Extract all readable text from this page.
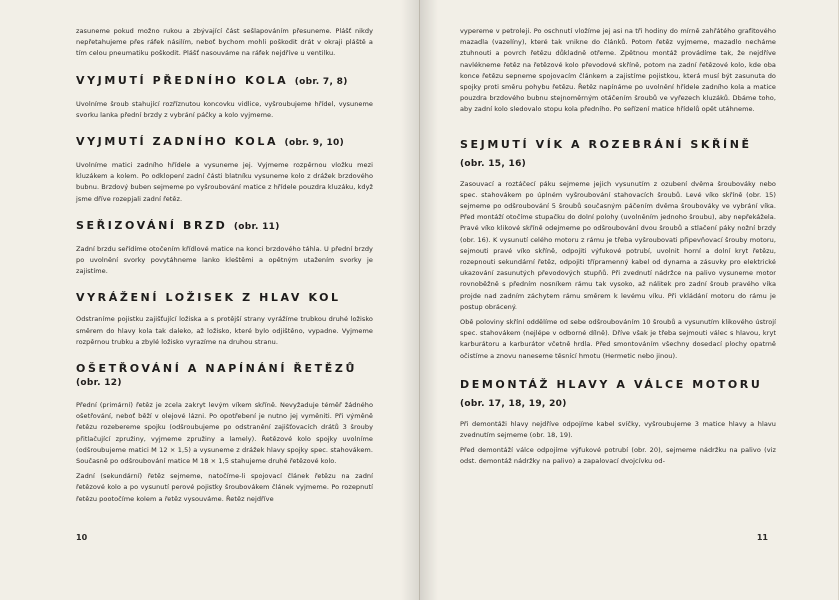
zasuneme pokud možno rukou a zbývající část sešlapováním přesuneme. Plášť nikdy nepřetahujeme přes ráfek násilím, neboť bychom mohli poškodit drát v okraji pláště a tím celou pneumatiku poškodit. Plášť nasouváme na ráfek nejdříve u ventilku.

VYJMUTÍ PŘEDNÍHO KOLA (obr. 7, 8)

Uvolníme šroub stahující rozříznutou koncovku vidlice, vyšroubujeme hřídel, vysuneme svorku lanka přední brzdy z vybrání páčky a kolo vyjmeme.

VYJMUTÍ ZADNÍHO KOLA (obr. 9, 10)

Uvolníme matici zadního hřídele a vysuneme jej. Vyjmeme rozpěrnou vložku mezi kluzákem a kolem. Po odklopení zadní části blatníku vysuneme kolo z drážek brzdového bubnu. Brzdový buben sejmeme po vyšroubování matice z hřídele pouzdra kluzáku, když jsme dříve rozepjali zadní řetěz.

SEŘIZOVÁNÍ BRZD (obr. 11)

Zadní brzdu seřídíme otočením křídlové matice na konci brzdového táhla. U přední brzdy po uvolnění svorky povytáhneme lanko kleštěmi a opětným utažením svorky je zajistíme.

VYRÁŽENÍ LOŽISEK Z HLAV KOL

Odstraníme pojistku zajišťující ložiska a s protější strany vyrážíme trubkou druhé ložisko směrem do hlavy kola tak daleko, až ložisko, které bylo odjištěno, vypadne. Vyjmeme rozpěrnou trubku a zbylé ložisko vyrazíme na druhou stranu.

OŠETŘOVÁNÍ A NAPÍNÁNÍ ŘETĚZŮ (obr. 12)

Přední (primární) řetěz je zcela zakryt levým víkem skříně. Nevyžaduje téměř žádného ošetřování, neboť běží v olejové lázni. Po opotřebení je nutno jej vyměniti. Při výměně řetězu rozebereme spojku (odšroubujeme po odstranění zajišťovacích drátů 3 šrouby přitlačující zpružiny, vyjmeme zpružiny a lamely). Řetězové kolo spojky uvolníme (odšroubujeme matici M 12 × 1,5) a vysuneme z drážek hlavy spojky spec. stahovákem. Současně po odšroubování matice M 18 × 1,5 stahujeme druhé řetězové kolo.

Zadní (sekundární) řetěz sejmeme, natočíme-li spojovací článek řetězu na zadní řetězové kolo a po vysunutí perové pojistky šroubovákem článek vyjmeme. Po rozepnutí řetězu pootočíme kolem a řetěz vysouváme. Řetěz nejdříve

10

vypereme v petroleji. Po oschnutí vložíme jej asi na tři hodiny do mírně zahřátého grafitového mazadla (vazelíny), které tak vnikne do článků. Potom řetěz vyjmeme, mazadlo necháme ztuhnouti a povrch řetězu důkladně otřeme. Zpětnou montáž provádíme tak, že nejdříve navlékneme řetěz na řetězové kolo převodové skříně, potom na zadní řetězové kolo, kde oba konce řetězu sepneme spojovacím článkem a zajistíme pojistkou, která musí být zasunuta do spojky proti směru pohybu řetězu. Řetěz napínáme po uvolnění hřídele zadního kola a matice pouzdra brzdového bubnu stejnoměrným otáčením šroubů ve vyřezech kluzáků. Dbáme toho, aby zadní kolo sledovalo stopu kola předního. Po seřízení matice hřídelů opět utáhneme.

SEJMUTÍ VÍK A ROZEBRÁNÍ SKŘÍNĚ
(obr. 15, 16)

Zasouvací a roztáčecí páku sejmeme jejich vysunutím z ozubení dvěma šroubováky nebo spec. stahovákem po úplném vyšroubování stahovacích šroubů. Levé víko skříně (obr. 15) sejmeme po odšroubování 5 šroubů současným páčením dvěma šroubováky ve vybrání víka. Před montáží otočíme stupačku do dolní polohy (uvolněním jednoho šroubu), aby nepřekážela. Pravé víko klikové skříně odejmeme po odšroubování dvou šroubů a stlačení páky nožní brzdy (obr. 16). K vysunutí celého motoru z rámu je třeba vyšroubovati připevňovací šrouby motoru, sejmouti pravé víko skříně, odpojiti výfukové potrubí, uvolnit horní a dolní kryt řetězu, rozepnouti sekundární řetěz, odpojiti třípramenný kabel od dynama a zásuvky pro elektrické ukazování zasunutých převodových stupňů. Při zvednutí nádržce na palivo vysuneme motor rovnoběžně s předním nosníkem rámu tak vysoko, až nálitek pro zadní šroub pravého víka projde nad zadním záchytem rámu směrem k levému víku. Při vkládání motoru do rámu je postup obrácený.

Obě poloviny skříní oddělíme od sebe odšroubováním 10 šroubů a vysunutím klikového ústrojí spec. stahovákem (nejlépe v odborné dílně). Dříve však je třeba sejmouti válec s hlavou, kryt karburátoru a karburátor včetně hrdla. Před smontováním všechny dosedací plochy opatrně očistíme a znovu naneseme těsnící hmotu (Hermetic nebo jinou).

DEMONTÁŽ HLAVY A VÁLCE MOTORU
(obr. 17, 18, 19, 20)

Při demontáži hlavy nejdříve odpojíme kabel svíčky, vyšroubujeme 3 matice hlavy a hlavu zvednutím sejmeme (obr. 18, 19).

Před demontáží válce odpojíme výfukové potrubí (obr. 20), sejmeme nádržku na palivo (viz odst. demontáž nádržky na palivo) a zapalovací dvojcívku od-

11
